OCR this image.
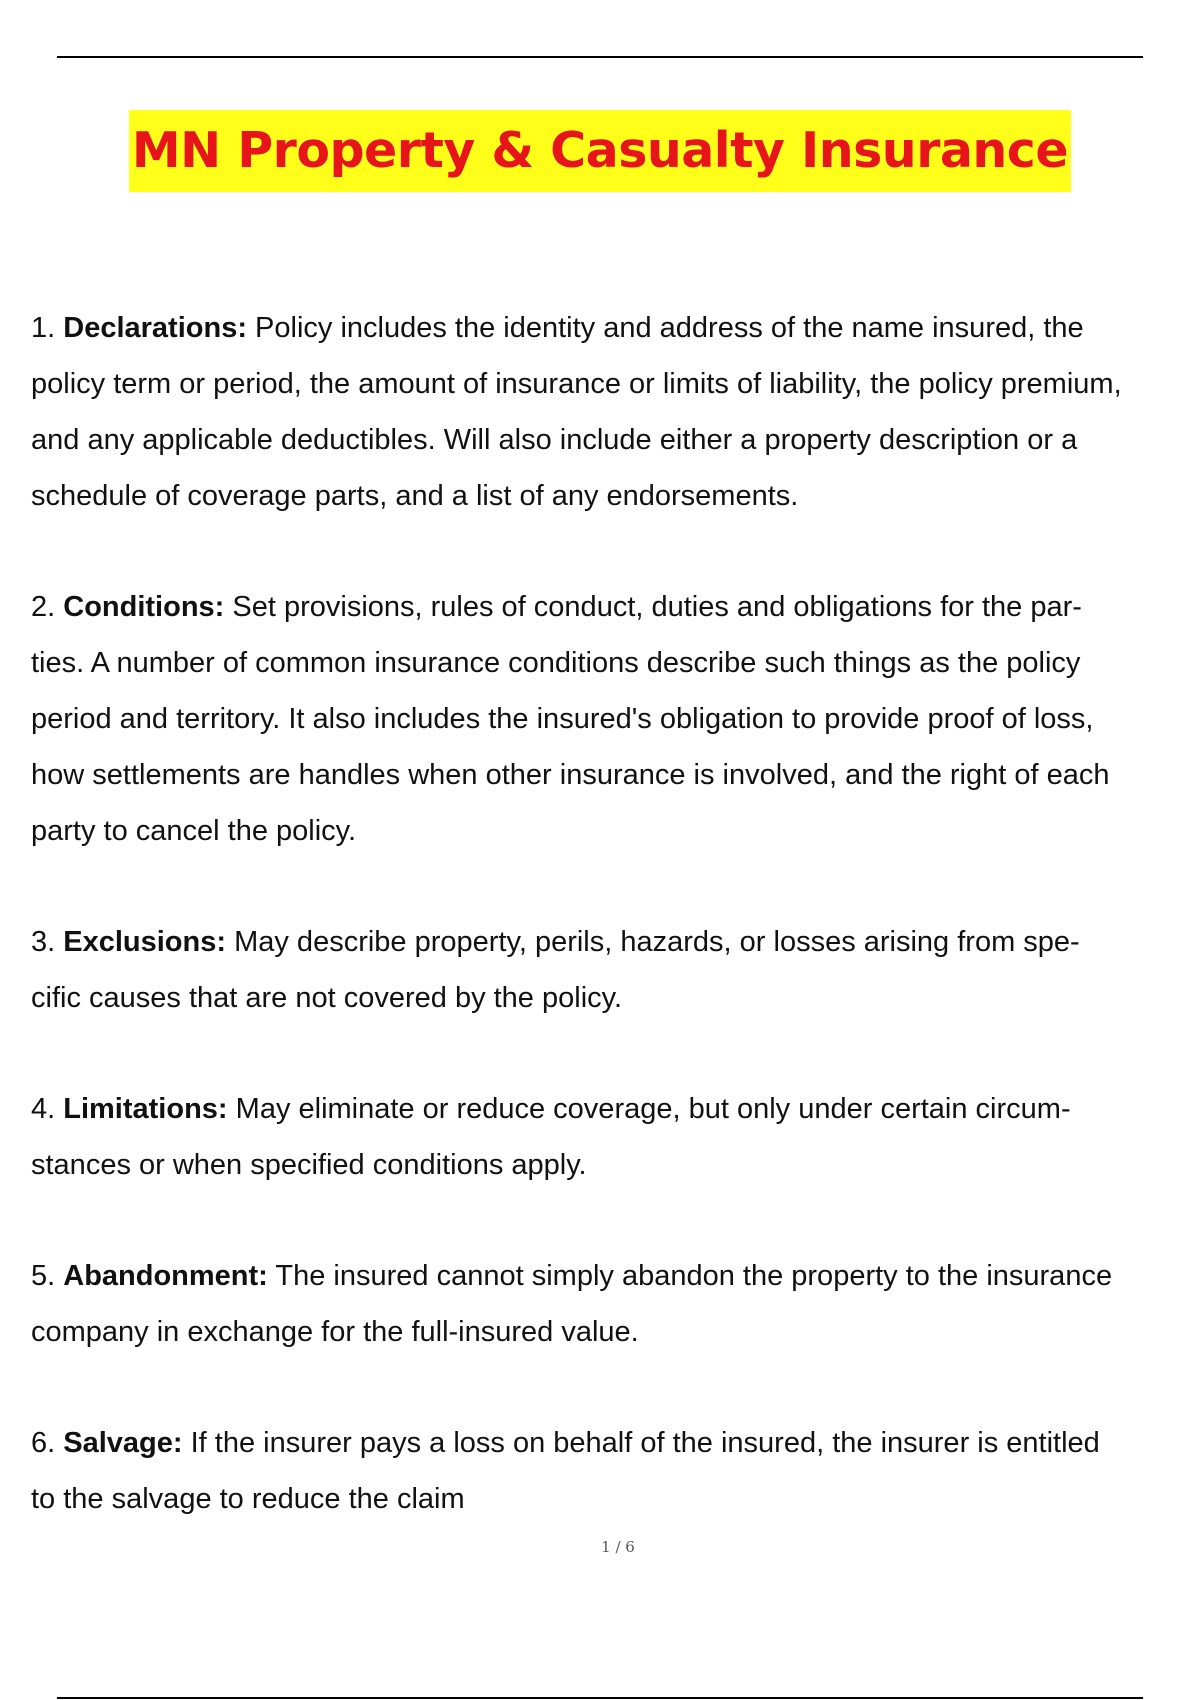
MN Property & Casualty Insurance

1. Declarations: Policy includes the identity and address of the name insured, the
policy term or period, the amount of insurance or limits of liability, the policy premium,
and any applicable deductibles. Will also include either a property description or a
schedule of coverage parts, and a list of any endorsements.

2. Conditions: Set provisions, rules of conduct, duties and obligations for the par-
ties. A number of common insurance conditions describe such things as the policy
period and territory. It also includes the insured's obligation to provide proof of loss,
how settlements are handles when other insurance is involved, and the right of each
party to cancel the policy.

3. Exclusions: May describe property, perils, hazards, or losses arising from spe-
cific causes that are not covered by the policy.

4. Limitations: May eliminate or reduce coverage, but only under certain circum-
stances or when specified conditions apply.

5. Abandonment: The insured cannot simply abandon the property to the insurance
company in exchange for the full-insured value.

6. Salvage: If the insurer pays a loss on behalf of the insured, the insurer is entitled
to the salvage to reduce the claim

1 / 6
